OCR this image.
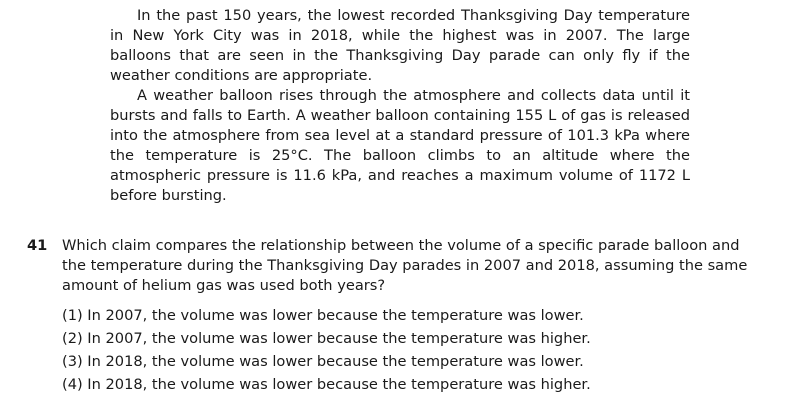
In the past 150 years, the lowest recorded Thanksgiving Day temperature in New York City was in 2018, while the highest was in 2007. The large balloons that are seen in the Thanksgiving Day parade can only fly if the weather conditions are appropriate.

A weather balloon rises through the atmosphere and collects data until it bursts and falls to Earth. A weather balloon containing 155 L of gas is released into the atmosphere from sea level at a standard pressure of 101.3 kPa where the temperature is 25°C. The balloon climbs to an altitude where the atmospheric pressure is 11.6 kPa, and reaches a maximum volume of 1172 L before bursting.

41 Which claim compares the relationship between the volume of a specific parade balloon and the temperature during the Thanksgiving Day parades in 2007 and 2018, assuming the same amount of helium gas was used both years?

(1) In 2007, the volume was lower because the temperature was lower.
(2) In 2007, the volume was lower because the temperature was higher.
(3) In 2018, the volume was lower because the temperature was lower.
(4) In 2018, the volume was lower because the temperature was higher.
